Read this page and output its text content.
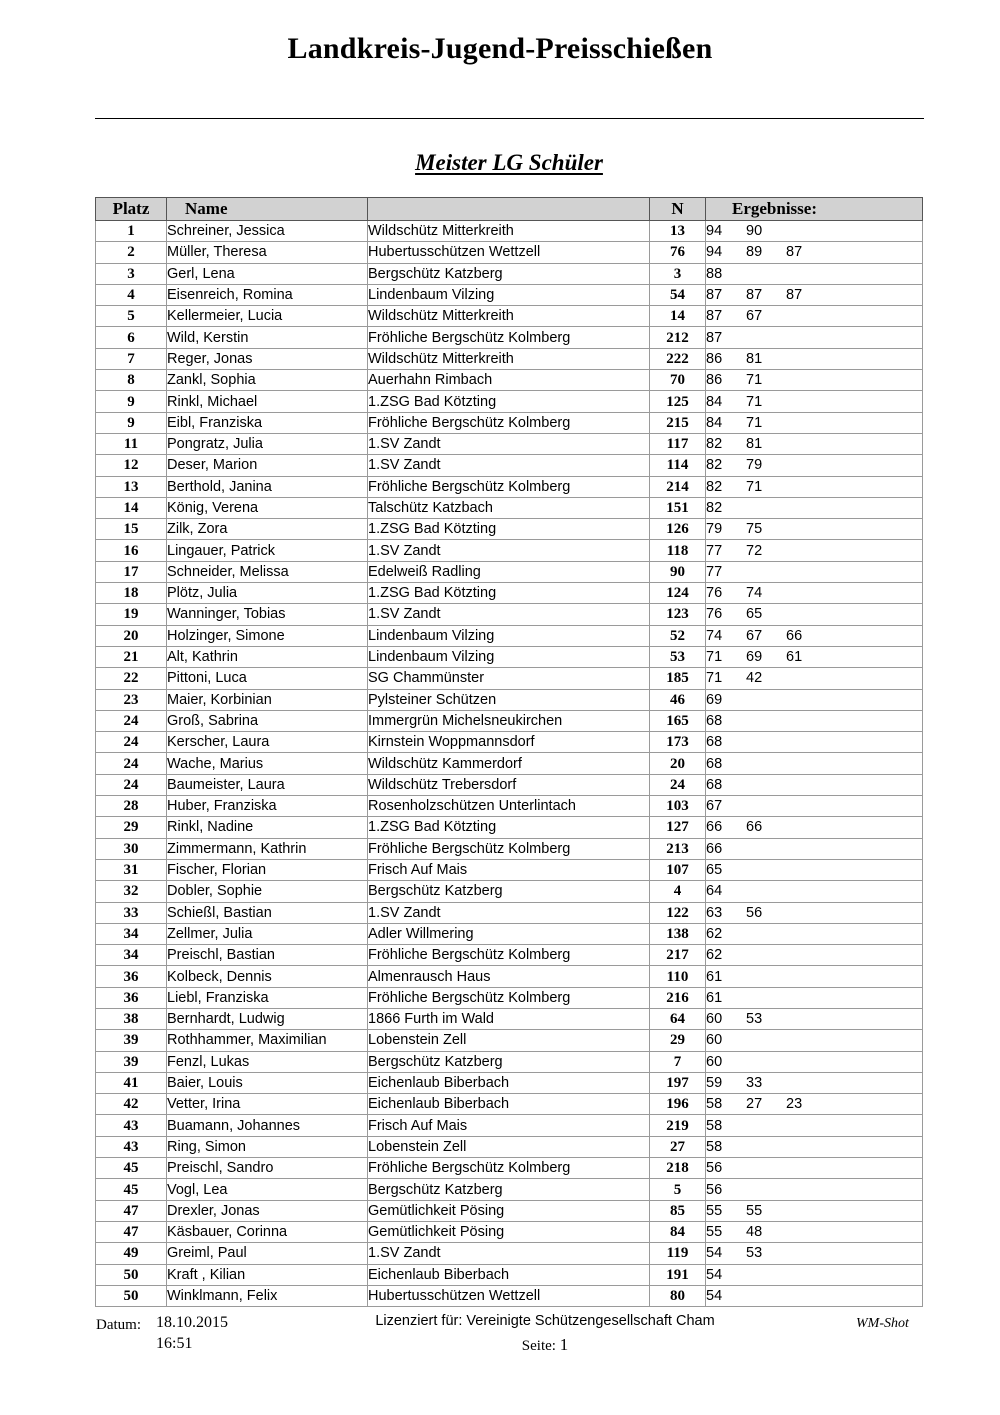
Landkreis-Jugend-Preisschießen
Meister LG Schüler
Platz	Name		N	Ergebnisse:
1	Schreiner, Jessica	Wildschütz Mitterkreith	13	94 90
2	Müller, Theresa	Hubertusschützen Wettzell	76	94 89 87
3	Gerl, Lena	Bergschütz Katzberg	3	88
4	Eisenreich, Romina	Lindenbaum Vilzing	54	87 87 87
5	Kellermeier, Lucia	Wildschütz Mitterkreith	14	87 67
6	Wild, Kerstin	Fröhliche Bergschütz Kolmberg	212	87
7	Reger, Jonas	Wildschütz Mitterkreith	222	86 81
8	Zankl, Sophia	Auerhahn Rimbach	70	86 71
9	Rinkl, Michael	1.ZSG Bad Kötzting	125	84 71
9	Eibl, Franziska	Fröhliche Bergschütz Kolmberg	215	84 71
11	Pongratz, Julia	1.SV Zandt	117	82 81
12	Deser, Marion	1.SV Zandt	114	82 79
13	Berthold, Janina	Fröhliche Bergschütz Kolmberg	214	82 71
14	König, Verena	Talschütz Katzbach	151	82
15	Zilk, Zora	1.ZSG Bad Kötzting	126	79 75
16	Lingauer, Patrick	1.SV Zandt	118	77 72
17	Schneider, Melissa	Edelweiß Radling	90	77
18	Plötz, Julia	1.ZSG Bad Kötzting	124	76 74
19	Wanninger, Tobias	1.SV Zandt	123	76 65
20	Holzinger, Simone	Lindenbaum Vilzing	52	74 67 66
21	Alt, Kathrin	Lindenbaum Vilzing	53	71 69 61
22	Pittoni, Luca	SG Chammünster	185	71 42
23	Maier, Korbinian	Pylsteiner Schützen	46	69
24	Groß, Sabrina	Immergrün Michelsneukirchen	165	68
24	Kerscher, Laura	Kirnstein Woppmannsdorf	173	68
24	Wache, Marius	Wildschütz Kammerdorf	20	68
24	Baumeister, Laura	Wildschütz Trebersdorf	24	68
28	Huber, Franziska	Rosenholzschützen Unterlintach	103	67
29	Rinkl, Nadine	1.ZSG Bad Kötzting	127	66 66
30	Zimmermann, Kathrin	Fröhliche Bergschütz Kolmberg	213	66
31	Fischer, Florian	Frisch Auf Mais	107	65
32	Dobler, Sophie	Bergschütz Katzberg	4	64
33	Schießl, Bastian	1.SV Zandt	122	63 56
34	Zellmer, Julia	Adler Willmering	138	62
34	Preischl, Bastian	Fröhliche Bergschütz Kolmberg	217	62
36	Kolbeck, Dennis	Almenrausch Haus	110	61
36	Liebl, Franziska	Fröhliche Bergschütz Kolmberg	216	61
38	Bernhardt, Ludwig	1866 Furth im Wald	64	60 53
39	Rothhammer, Maximilian	Lobenstein Zell	29	60
39	Fenzl, Lukas	Bergschütz Katzberg	7	60
41	Baier, Louis	Eichenlaub Biberbach	197	59 33
42	Vetter, Irina	Eichenlaub Biberbach	196	58 27 23
43	Buamann, Johannes	Frisch Auf Mais	219	58
43	Ring, Simon	Lobenstein Zell	27	58
45	Preischl, Sandro	Fröhliche Bergschütz Kolmberg	218	56
45	Vogl, Lea	Bergschütz Katzberg	5	56
47	Drexler, Jonas	Gemütlichkeit Pösing	85	55 55
47	Käsbauer, Corinna	Gemütlichkeit Pösing	84	55 48
49	Greiml, Paul	1.SV Zandt	119	54 53
50	Kraft , Kilian	Eichenlaub Biberbach	191	54
50	Winklmann, Felix	Hubertusschützen Wettzell	80	54
Datum: 18.10.2015
16:51
Lizenziert für: Vereinigte Schützengesellschaft Cham
Seite: 1
WM-Shot
